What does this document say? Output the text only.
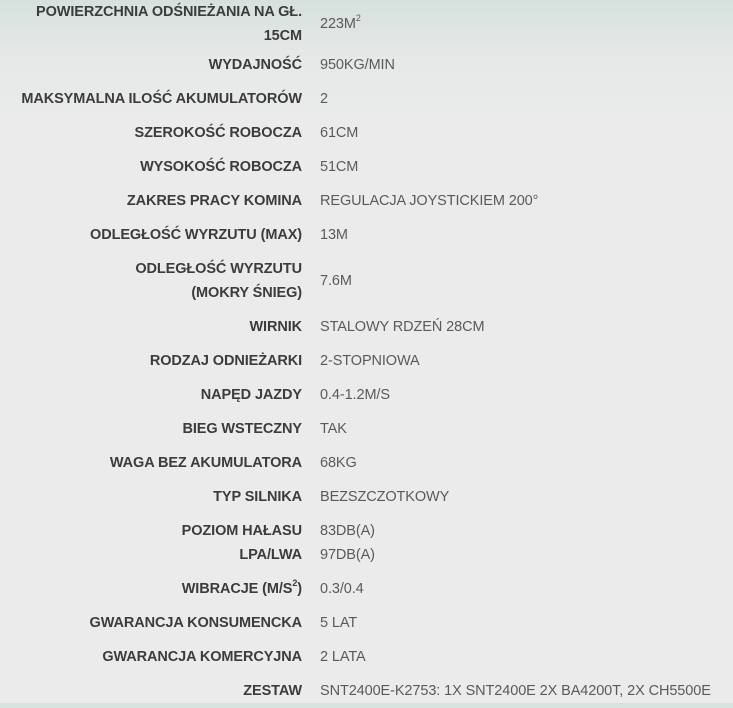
POWIERZCHNIA ODŚNIEŻANIA NA GŁ. 15CM	$223M^2$
WYDAJNOŚĆ	950KG/MIN
MAKSYMALNA ILOŚĆ AKUMULATORÓW	2
SZEROKOŚĆ ROBOCZA	61CM
WYSOKOŚĆ ROBOCZA	51CM
ZAKRES PRACY KOMINA	REGULACJA JOYSTICKIEM 200°
ODLEGŁOŚĆ WYRZUTU (MAX)	13M

ODLEGŁOŚĆ WYRZUTU
(MOKRY ŚNIEG)	7.6M
WIRNIK	STALOWY RDZEŃ 28CM
RODZAJ ODNIEŻARKI	2-STOPNIOWA
NAPĘD JAZDY	0.4-1.2M/S
BIEG WSTECZNY	TAK
WAGA BEZ AKUMULATORA	68KG
TYP SILNIKA	BEZSZCZOTKOWY

POZIOM HAŁASU
LPA/LWA	83DB(A)
97DB(A)

WIBRACJE $(M/S^2)$	0.3/0.4
GWARANCJA KONSUMENCKA	5 LAT
GWARANCJA KOMERCYJNA	2 LATA
ZESTAW	SNT2400E-K2753: 1X SNT2400E 2X BA4200T, 2X CH5500E
